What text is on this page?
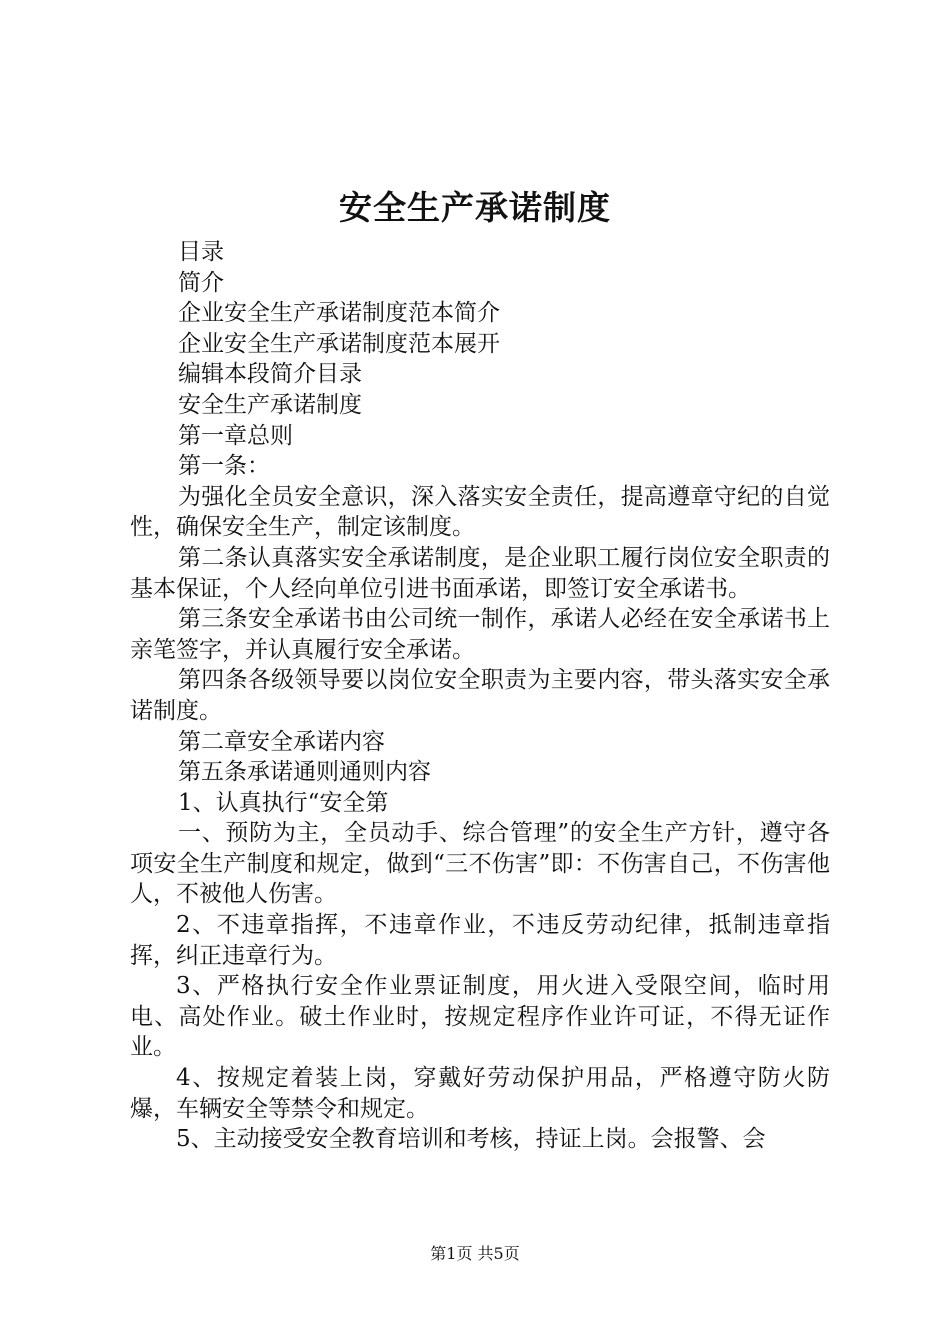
安全生产承诺制度

目录

简介

企业安全生产承诺制度范本简介

企业安全生产承诺制度范本展开

编辑本段简介目录

安全生产承诺制度

第一章总则

第一条：

为强化全员安全意识，深入落实安全责任，提高遵章守纪的自觉性，确保安全生产，制定该制度。

第二条认真落实安全承诺制度，是企业职工履行岗位安全职责的基本保证，个人经向单位引进书面承诺，即签订安全承诺书。

第三条安全承诺书由公司统一制作，承诺人必经在安全承诺书上亲笔签字，并认真履行安全承诺。

第四条各级领导要以岗位安全职责为主要内容，带头落实安全承诺制度。

第二章安全承诺内容

第五条承诺通则通则内容

1、认真执行“安全第

一、预防为主，全员动手、综合管理”的安全生产方针，遵守各项安全生产制度和规定，做到“三不伤害”即：不伤害自己，不伤害他人，不被他人伤害。

2、不违章指挥，不违章作业，不违反劳动纪律，抵制违章指挥，纠正违章行为。

3、严格执行安全作业票证制度，用火进入受限空间，临时用电、高处作业。破土作业时，按规定程序作业许可证，不得无证作业。

4、按规定着装上岗，穿戴好劳动保护用品，严格遵守防火防爆，车辆安全等禁令和规定。

5、主动接受安全教育培训和考核，持证上岗。会报警、会

第1页 共5页
